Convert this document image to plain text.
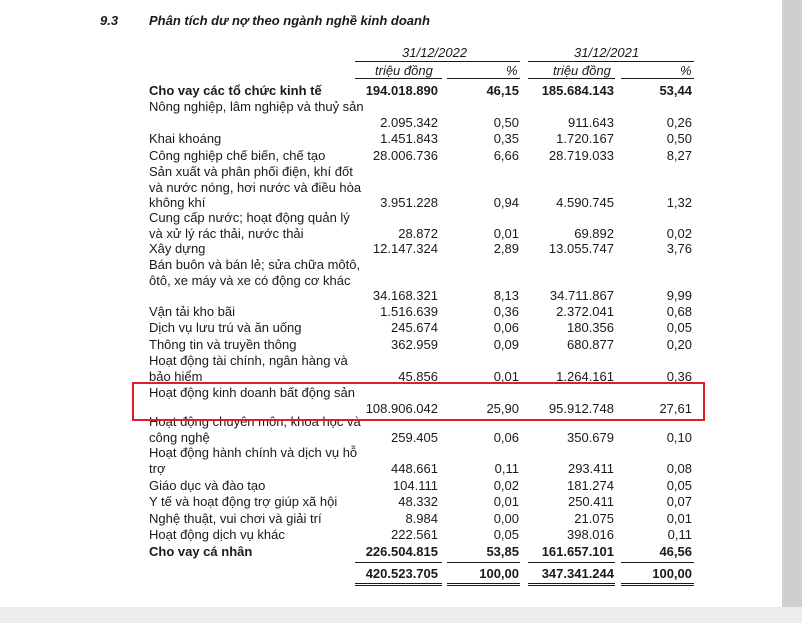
9.3 Phân tích dư nợ theo ngành nghề kinh doanh
31/12/2022	31/12/2021
triệu đồng	%	triệu đồng	%
Cho vay các tổ chức kinh tế	194.018.890	46,15 185.684.143	53,44
Nông nghiệp, lâm nghiệp và thuỷ sản
2.095.342	0,50	911.643	0,26
Khai khoáng	1.451.843	0,35	1.720.167	0,50
Công nghiệp chế biến, chế tạo	28.006.736	6,66 28.719.033	8,27
Sản xuất và phân phối điện, khí đốt và nước nóng, hơi nước và điều hòa không khí	3.951.228	0,94	4.590.745	1,32
Cung cấp nước; hoạt động quản lý và xử lý rác thải, nước thải	28.872	0,01	69.892	0,02
Xây dựng	12.147.324	2,89 13.055.747	3,76
Bán buôn và bán lẻ; sửa chữa môtô, ôtô, xe máy và xe có động cơ khác
34.168.321	8,13 34.711.867	9,99
Vận tải kho bãi	1.516.639	0,36	2.372.041	0,68
Dịch vụ lưu trú và ăn uống	245.674	0,06	180.356	0,05
Thông tin và truyền thông	362.959	0,09	680.877	0,20
Hoạt động tài chính, ngân hàng và bảo hiểm	45.856	0,01	1.264.161	0,36
Hoạt động kinh doanh bất động sản
108.906.042	25,90 95.912.748	27,61
Hoạt động chuyên môn, khoa học và công nghệ	259.405	0,06	350.679	0,10
Hoạt động hành chính và dịch vụ hỗ trợ	448.661	0,11	293.411	0,08
Giáo dục và đào tạo	104.111	0,02	181.274	0,05
Y tế và hoạt động trợ giúp xã hội	48.332	0,01	250.411	0,07
Nghệ thuật, vui chơi và giải trí	8.984	0,00	21.075	0,01
Hoạt động dịch vụ khác	222.561	0,05	398.016	0,11
Cho vay cá nhân	226.504.815	53,85 161.657.101	46,56
420.523.705	100,00 347.341.244	100,00
